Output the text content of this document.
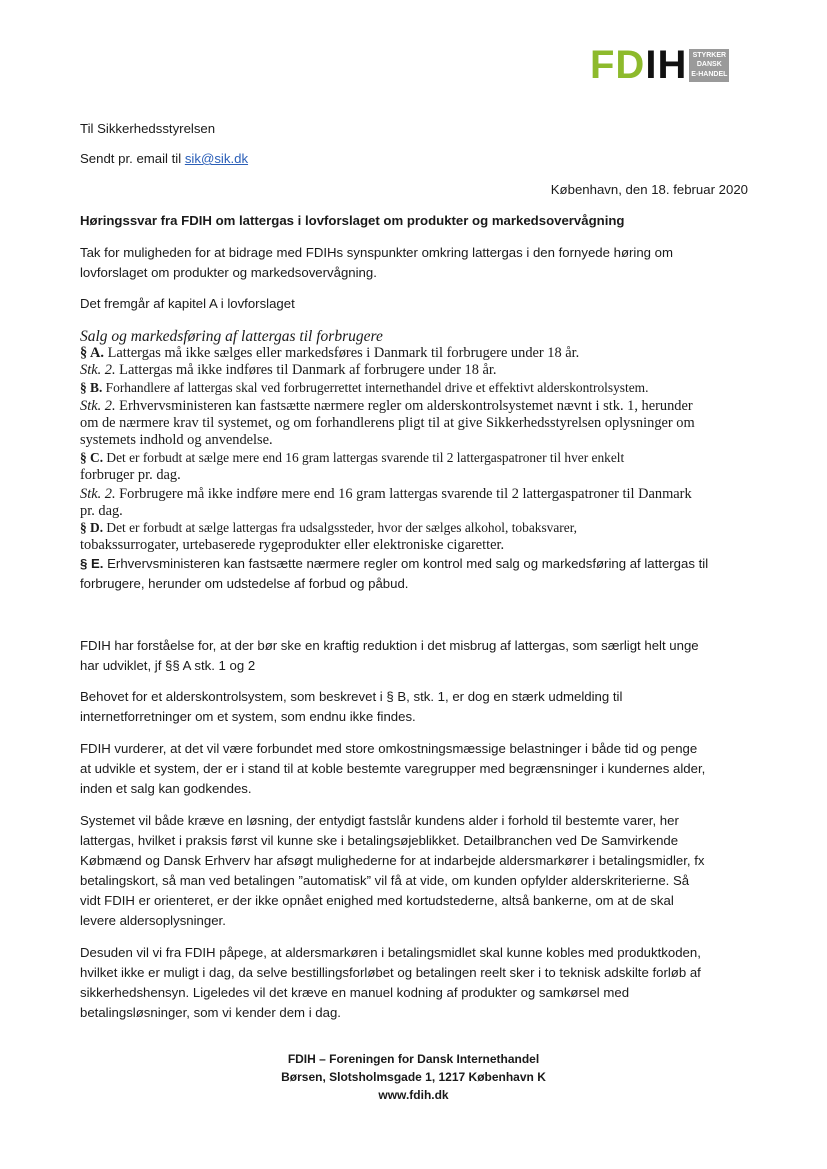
FDIH STYRKER
DANSK
E-HANDEL
Til Sikkerhedsstyrelsen
Sendt pr. email til sik@sik.dk
København, den 18. februar 2020
Høringssvar fra FDIH om lattergas i lovforslaget om produkter og markedsovervågning
Tak for muligheden for at bidrage med FDIHs synspunkter omkring lattergas i den fornyede høring om
lovforslaget om produkter og markedsovervågning.
Det fremgår af kapitel A i lovforslaget
Salg og markedsføring af lattergas til forbrugere
§ A. Lattergas må ikke sælges eller markedsføres i Danmark til forbrugere under 18 år.
Stk. 2. Lattergas må ikke indføres til Danmark af forbrugere under 18 år.
§ B. Forhandlere af lattergas skal ved forbrugerrettet internethandel drive et effektivt alderskontrolsystem.
Stk. 2. Erhvervsministeren kan fastsætte nærmere regler om alderskontrolsystemet nævnt i stk. 1, herunder
om de nærmere krav til systemet, og om forhandlerens pligt til at give Sikkerhedsstyrelsen oplysninger om
systemets indhold og anvendelse.
§ C. Det er forbudt at sælge mere end 16 gram lattergas svarende til 2 lattergaspatroner til hver enkelt
forbruger pr. dag.
Stk. 2. Forbrugere må ikke indføre mere end 16 gram lattergas svarende til 2 lattergaspatroner til Danmark
pr. dag.
§ D. Det er forbudt at sælge lattergas fra udsalgssteder, hvor der sælges alkohol, tobaksvarer,
tobakssurrogater, urtebaserede rygeprodukter eller elektroniske cigaretter.
§ E. Erhvervsministeren kan fastsætte nærmere regler om kontrol med salg og markedsføring af lattergas til
forbrugere, herunder om udstedelse af forbud og påbud.
FDIH har forståelse for, at der bør ske en kraftig reduktion i det misbrug af lattergas, som særligt helt unge
har udviklet, jf §§ A stk. 1 og 2
Behovet for et alderskontrolsystem, som beskrevet i § B, stk. 1, er dog en stærk udmelding til
internetforretninger om et system, som endnu ikke findes.
FDIH vurderer, at det vil være forbundet med store omkostningsmæssige belastninger i både tid og penge
at udvikle et system, der er i stand til at koble bestemte varegrupper med begrænsninger i kundernes alder,
inden et salg kan godkendes.
Systemet vil både kræve en løsning, der entydigt fastslår kundens alder i forhold til bestemte varer, her
lattergas, hvilket i praksis først vil kunne ske i betalingsøjeblikket. Detailbranchen ved De Samvirkende
Købmænd og Dansk Erhverv har afsøgt mulighederne for at indarbejde aldersmarkører i betalingsmidler, fx
betalingskort, så man ved betalingen ”automatisk” vil få at vide, om kunden opfylder alderskriterierne. Så
vidt FDIH er orienteret, er der ikke opnået enighed med kortudstederne, altså bankerne, om at de skal
levere aldersoplysninger.
Desuden vil vi fra FDIH påpege, at aldersmarkøren i betalingsmidlet skal kunne kobles med produktkoden,
hvilket ikke er muligt i dag, da selve bestillingsforløbet og betalingen reelt sker i to teknisk adskilte forløb af
sikkerhedshensyn. Ligeledes vil det kræve en manuel kodning af produkter og samkørsel med
betalingsløsninger, som vi kender dem i dag.
FDIH – Foreningen for Dansk Internethandel
Børsen, Slotsholmsgade 1, 1217 København K
www.fdih.dk
